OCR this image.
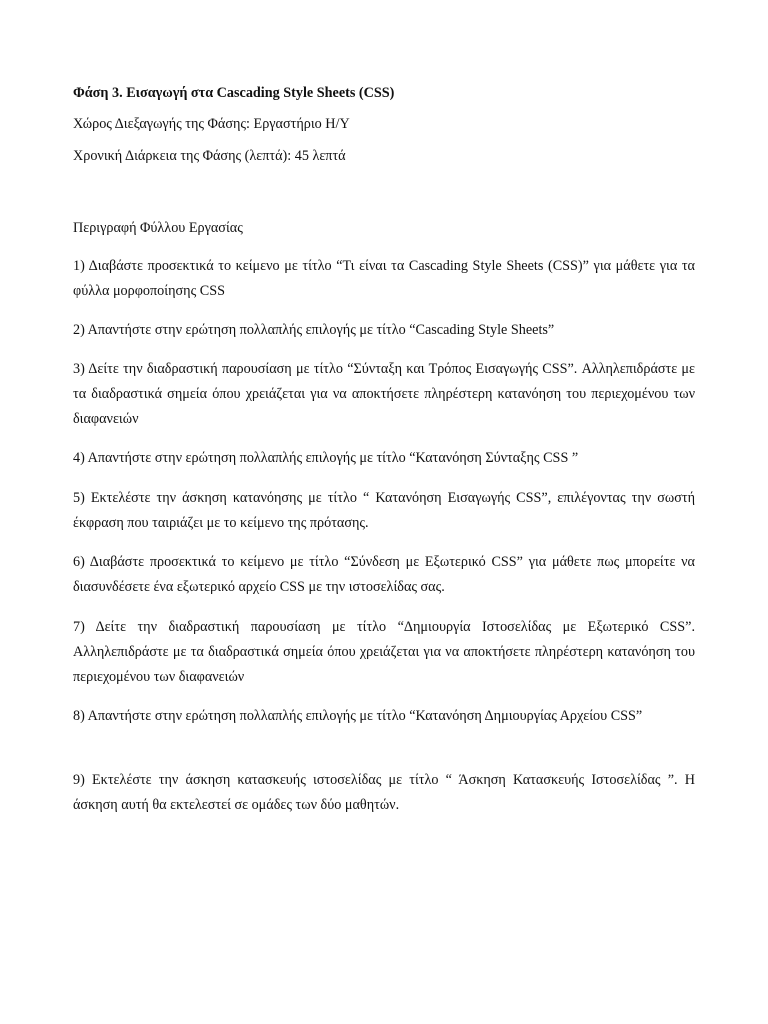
Φάση 3. Εισαγωγή στα Cascading Style Sheets (CSS)
Χώρος Διεξαγωγής της Φάσης: Εργαστήριο Η/Υ
Χρονική Διάρκεια της Φάσης (λεπτά): 45 λεπτά
Περιγραφή Φύλλου Εργασίας
1) Διαβάστε προσεκτικά το κείμενο με τίτλο “Τι είναι τα Cascading Style Sheets (CSS)” για μάθετε για τα φύλλα μορφοποίησης CSS
2) Απαντήστε στην ερώτηση πολλαπλής επιλογής με τίτλο “Cascading Style Sheets”
3) Δείτε την διαδραστική παρουσίαση με τίτλο “Σύνταξη και Τρόπος Εισαγωγής CSS”. Αλληλεπιδράστε με τα διαδραστικά σημεία όπου χρειάζεται για να αποκτήσετε πληρέστερη κατανόηση του περιεχομένου των διαφανειών
4) Απαντήστε στην ερώτηση πολλαπλής επιλογής με τίτλο “Κατανόηση Σύνταξης CSS ”
5) Εκτελέστε την άσκηση κατανόησης με τίτλο “ Κατανόηση Εισαγωγής CSS”, επιλέγοντας την σωστή έκφραση που ταιριάζει με το κείμενο της πρότασης.
6) Διαβάστε προσεκτικά το κείμενο με τίτλο “Σύνδεση με Εξωτερικό CSS” για μάθετε πως μπορείτε να διασυνδέσετε ένα εξωτερικό αρχείο CSS με την ιστοσελίδας σας.
7) Δείτε την διαδραστική παρουσίαση με τίτλο “Δημιουργία Ιστοσελίδας με Εξωτερικό CSS”. Αλληλεπιδράστε με τα διαδραστικά σημεία όπου χρειάζεται για να αποκτήσετε πληρέστερη κατανόηση του περιεχομένου των διαφανειών
8) Απαντήστε στην ερώτηση πολλαπλής επιλογής με τίτλο “Κατανόηση Δημιουργίας Αρχείου CSS”
9) Εκτελέστε την άσκηση κατασκευής ιστοσελίδας με τίτλο “ Άσκηση Κατασκευής Ιστοσελίδας ”. Η άσκηση αυτή θα εκτελεστεί σε ομάδες των δύο μαθητών.
